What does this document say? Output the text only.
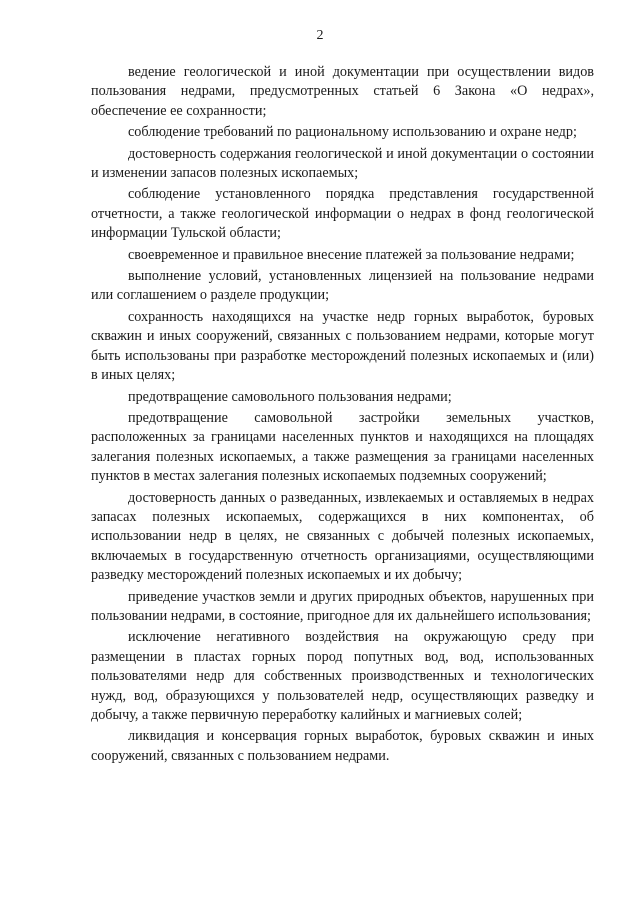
2

ведение геологической и иной документации при осуществлении видов пользования недрами, предусмотренных статьей 6 Закона «О недрах», обеспечение ее сохранности;

соблюдение требований по рациональному использованию и охране недр;

достоверность содержания геологической и иной документации о состоянии и изменении запасов полезных ископаемых;

соблюдение установленного порядка представления государственной отчетности, а также геологической информации о недрах в фонд геологической информации Тульской области;

своевременное и правильное внесение платежей за пользование недрами;

выполнение условий, установленных лицензией на пользование недрами или соглашением о разделе продукции;

сохранность находящихся на участке недр горных выработок, буровых скважин и иных сооружений, связанных с пользованием недрами, которые могут быть использованы при разработке месторождений полезных ископаемых и (или) в иных целях;

предотвращение самовольного пользования недрами;

предотвращение самовольной застройки земельных участков, расположенных за границами населенных пунктов и находящихся на площадях залегания полезных ископаемых, а также размещения за границами населенных пунктов в местах залегания полезных ископаемых подземных сооружений;

достоверность данных о разведанных, извлекаемых и оставляемых в недрах запасах полезных ископаемых, содержащихся в них компонентах, об использовании недр в целях, не связанных с добычей полезных ископаемых, включаемых в государственную отчетность организациями, осуществляющими разведку месторождений полезных ископаемых и их добычу;

приведение участков земли и других природных объектов, нарушенных при пользовании недрами, в состояние, пригодное для их дальнейшего использования;

исключение негативного воздействия на окружающую среду при размещении в пластах горных пород попутных вод, вод, использованных пользователями недр для собственных производственных и технологических нужд, вод, образующихся у пользователей недр, осуществляющих разведку и добычу, а также первичную переработку калийных и магниевых солей;

ликвидация и консервация горных выработок, буровых скважин и иных сооружений, связанных с пользованием недрами.
